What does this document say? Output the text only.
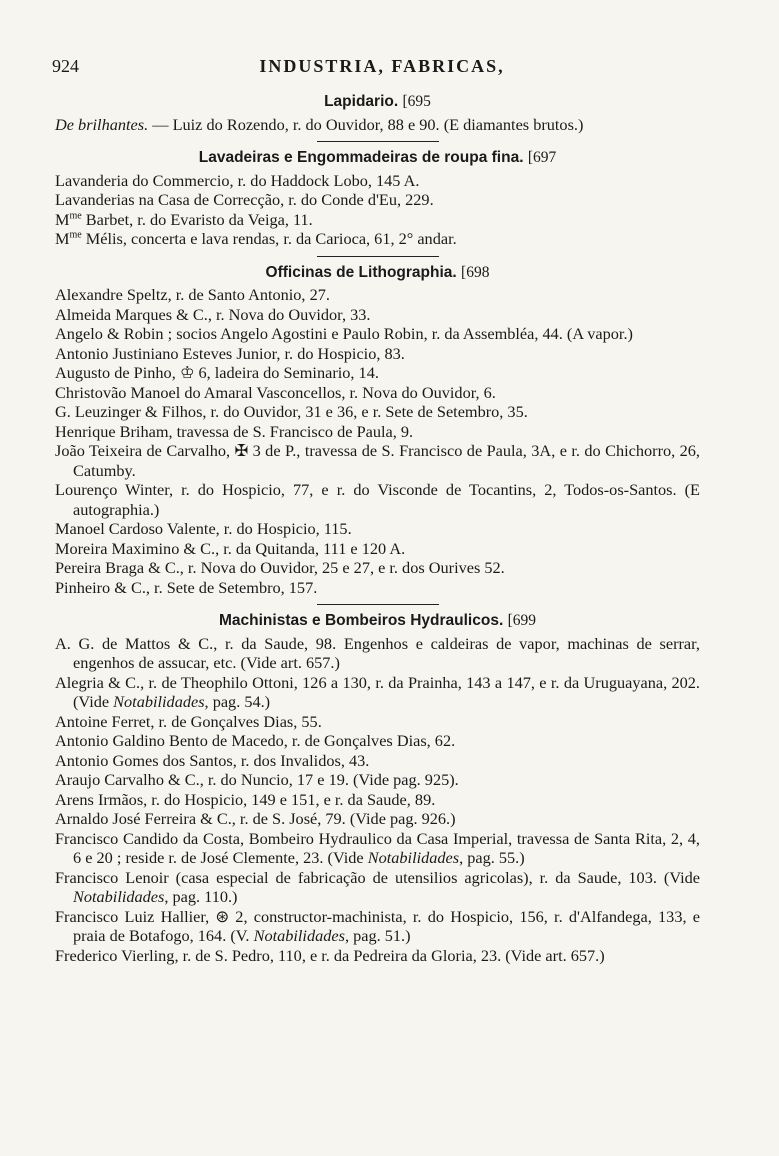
924	INDUSTRIA, FABRICAS,
Lapidario. [695
De brilhantes. — Luiz do Rozendo, r. do Ouvidor, 88 e 90. (E diamantes brutos.)
Lavadeiras e Engommadeiras de roupa fina. [697
Lavanderia do Commercio, r. do Haddock Lobo, 145 A.
Lavanderias na Casa de Correcção, r. do Conde d'Eu, 229.
$M^{me}$ Barbet, r. do Evaristo da Veiga, 11.
$M^{me}$ Mélis, concerta e lava rendas, r. da Carioca, 61, 2° andar.
Officinas de Lithographia. [698
Alexandre Speltz, r. de Santo Antonio, 27.
Almeida Marques & C., r. Nova do Ouvidor, 33.
Angelo & Robin ; socios Angelo Agostini e Paulo Robin, r. da Assembléa, 44. (A vapor.)
Antonio Justiniano Esteves Junior, r. do Hospicio, 83.
Augusto de Pinho, ♔ 6, ladeira do Seminario, 14.
Christovão Manoel do Amaral Vasconcellos, r. Nova do Ouvidor, 6.
G. Leuzinger & Filhos, r. do Ouvidor, 31 e 36, e r. Sete de Setembro, 35.
Henrique Briham, travessa de S. Francisco de Paula, 9.
João Teixeira de Carvalho, ✠ 3 de P., travessa de S. Francisco de Paula, 3A, e r. do Chichorro, 26, Catumby.
Lourenço Winter, r. do Hospicio, 77, e r. do Visconde de Tocantins, 2, Todos-os-Santos. (E autographia.)
Manoel Cardoso Valente, r. do Hospicio, 115.
Moreira Maximino & C., r. da Quitanda, 111 e 120 A.
Pereira Braga & C., r. Nova do Ouvidor, 25 e 27, e r. dos Ourives 52.
Pinheiro & C., r. Sete de Setembro, 157.
Machinistas e Bombeiros Hydraulicos. [699
A. G. de Mattos & C., r. da Saude, 98. Engenhos e caldeiras de vapor, machinas de serrar, engenhos de assucar, etc. (Vide art. 657.)
Alegria & C., r. de Theophilo Ottoni, 126 a 130, r. da Prainha, 143 a 147, e r. da Uruguayana, 202. (Vide Notabilidades, pag. 54.)
Antoine Ferret, r. de Gonçalves Dias, 55.
Antonio Galdino Bento de Macedo, r. de Gonçalves Dias, 62.
Antonio Gomes dos Santos, r. dos Invalidos, 43.
Araujo Carvalho & C., r. do Nuncio, 17 e 19. (Vide pag. 925).
Arens Irmãos, r. do Hospicio, 149 e 151, e r. da Saude, 89.
Arnaldo José Ferreira & C., r. de S. José, 79. (Vide pag. 926.)
Francisco Candido da Costa, Bombeiro Hydraulico da Casa Imperial, travessa de Santa Rita, 2, 4, 6 e 20 ; reside r. de José Clemente, 23. (Vide Notabilidades, pag. 55.)
Francisco Lenoir (casa especial de fabricação de utensilios agricolas), r. da Saude, 103. (Vide Notabilidades, pag. 110.)
Francisco Luiz Hallier, ⊛ 2, constructor-machinista, r. do Hospicio, 156, r. d'Alfandega, 133, e praia de Botafogo, 164. (V. Notabilidades, pag. 51.)
Frederico Vierling, r. de S. Pedro, 110, e r. da Pedreira da Gloria, 23. (Vide art. 657.)
